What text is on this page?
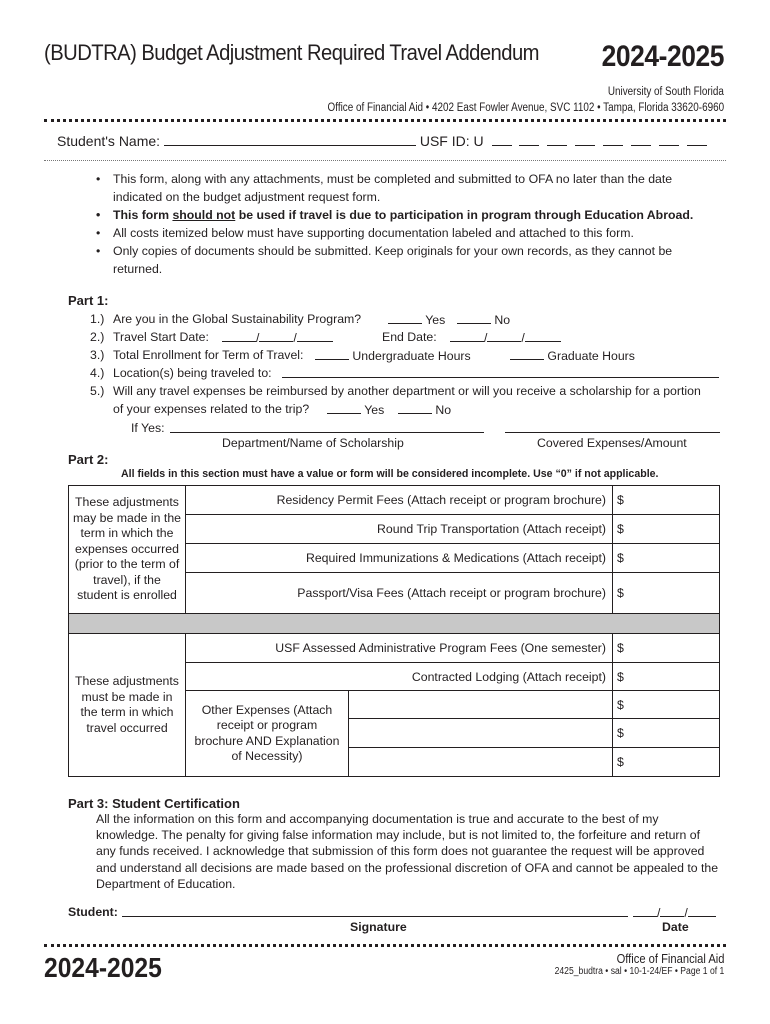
(BUDTRA) Budget Adjustment Required Travel Addendum 2024-2025
University of South Florida
Office of Financial Aid • 4202 East Fowler Avenue, SVC 1102 • Tampa, Florida 33620-6960
Student's Name:	USF ID: U
• This form, along with any attachments, must be completed and submitted to OFA no later than the date indicated on the budget adjustment request form.
• This form should not be used if travel is due to participation in program through Education Abroad.
• All costs itemized below must have supporting documentation labeled and attached to this form.
• Only copies of documents should be submitted. Keep originals for your own records, as they cannot be returned.
Part 1:
1.) Are you in the Global Sustainability Program?	Yes	No
2.) Travel Start Date:	/	/	End Date:	/	/
3.) Total Enrollment for Term of Travel:	Undergraduate Hours	Graduate Hours
4.) Location(s) being traveled to:
5.) Will any travel expenses be reimbursed by another department or will you receive a scholarship for a portion
of your expenses related to the trip?	Yes	No
If Yes:
Department/Name of Scholarship	Covered Expenses/Amount
Part 2:
All fields in this section must have a value or form will be considered incomplete. Use “0” if not applicable.
These adjustments may be made in the term in which the expenses occurred (prior to the term of travel), if the student is enrolled	Residency Permit Fees (Attach receipt or program brochure)		$
	Round Trip Transportation (Attach receipt)		$
	Required Immunizations & Medications (Attach receipt)		$
	Passport/Visa Fees (Attach receipt or program brochure)		$

These adjustments must be made in the term in which travel occurred	USF Assessed Administrative Program Fees (One semester)		$
	Contracted Lodging (Attach receipt)		$
	Other Expenses (Attach receipt or program brochure AND Explanation of Necessity)		$
			$
			$
Part 3: Student Certification
All the information on this form and accompanying documentation is true and accurate to the best of my knowledge. The penalty for giving false information may include, but is not limited to, the forfeiture and return of any funds received. I acknowledge that submission of this form does not guarantee the request will be approved and understand all decisions are made based on the professional discretion of OFA and cannot be appealed to the Department of Education.
Student:	/ /
Signature	Date
2024-2025	Office of Financial Aid
2425_budtra • sal • 10-1-24/EF • Page 1 of 1
